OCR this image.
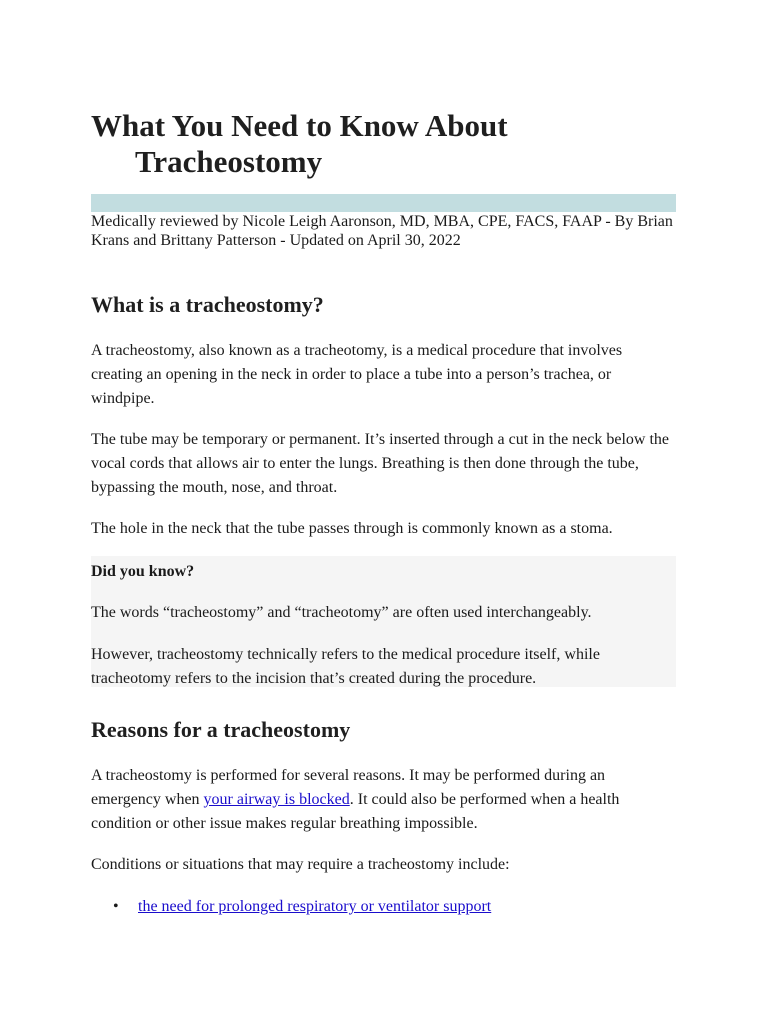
What You Need to Know About
Tracheostomy
Medically reviewed by Nicole Leigh Aaronson, MD, MBA, CPE, FACS, FAAP - By Brian Krans and Brittany Patterson - Updated on April 30, 2022
What is a tracheostomy?

A tracheostomy, also known as a tracheotomy, is a medical procedure that involves creating an opening in the neck in order to place a tube into a person’s trachea, or windpipe.

The tube may be temporary or permanent. It’s inserted through a cut in the neck below the vocal cords that allows air to enter the lungs. Breathing is then done through the tube, bypassing the mouth, nose, and throat.

The hole in the neck that the tube passes through is commonly known as a stoma.

Did you know?

The words “tracheostomy” and “tracheotomy” are often used interchangeably.

However, tracheostomy technically refers to the medical procedure itself, while tracheotomy refers to the incision that’s created during the procedure.

Reasons for a tracheostomy

A tracheostomy is performed for several reasons. It may be performed during an emergency when your airway is blocked. It could also be performed when a health condition or other issue makes regular breathing impossible.

Conditions or situations that may require a tracheostomy include:

• the need for prolonged respiratory or ventilator support
